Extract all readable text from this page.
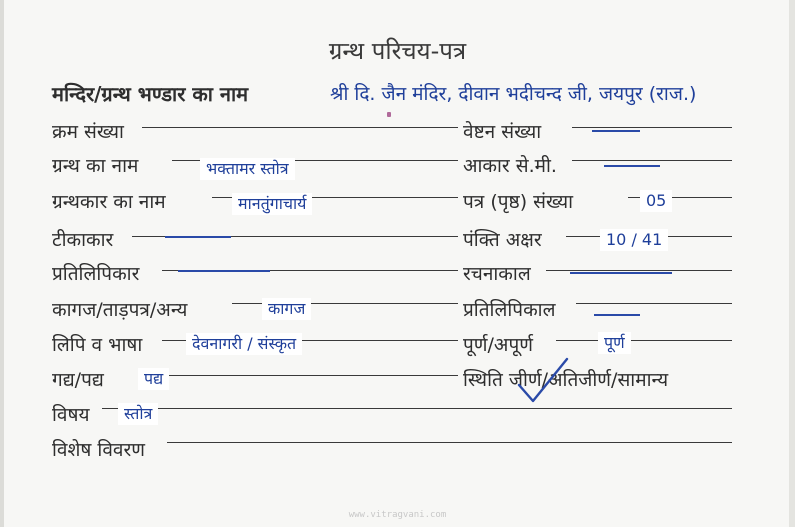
ग्रन्थ परिचय-पत्र
मन्दिर/ग्रन्थ भण्डार का नाम	श्री दि. जैन मंदिर, दीवान भदीचन्द जी, जयपुर (राज.)
क्रम संख्या
ग्रन्थ का नाम	भक्तामर स्तोत्र
ग्रन्थकार का नाम	मानतुंगाचार्य
टीकाकार
प्रतिलिपिकार
कागज/ताड़पत्र/अन्य	कागज
लिपि व भाषा	देवनागरी / संस्कृत
गद्य/पद्य	पद्य
विषय	स्तोत्र
विशेष विवरण
वेष्टन संख्या
आकार से.मी.
पत्र (पृष्ठ) संख्या	05
पंक्ति अक्षर	10 / 41
रचनाकाल
प्रतिलिपिकाल
पूर्ण/अपूर्ण	पूर्ण
स्थिति जीर्ण/अतिजीर्ण/सामान्य
www.vitragvani.com
